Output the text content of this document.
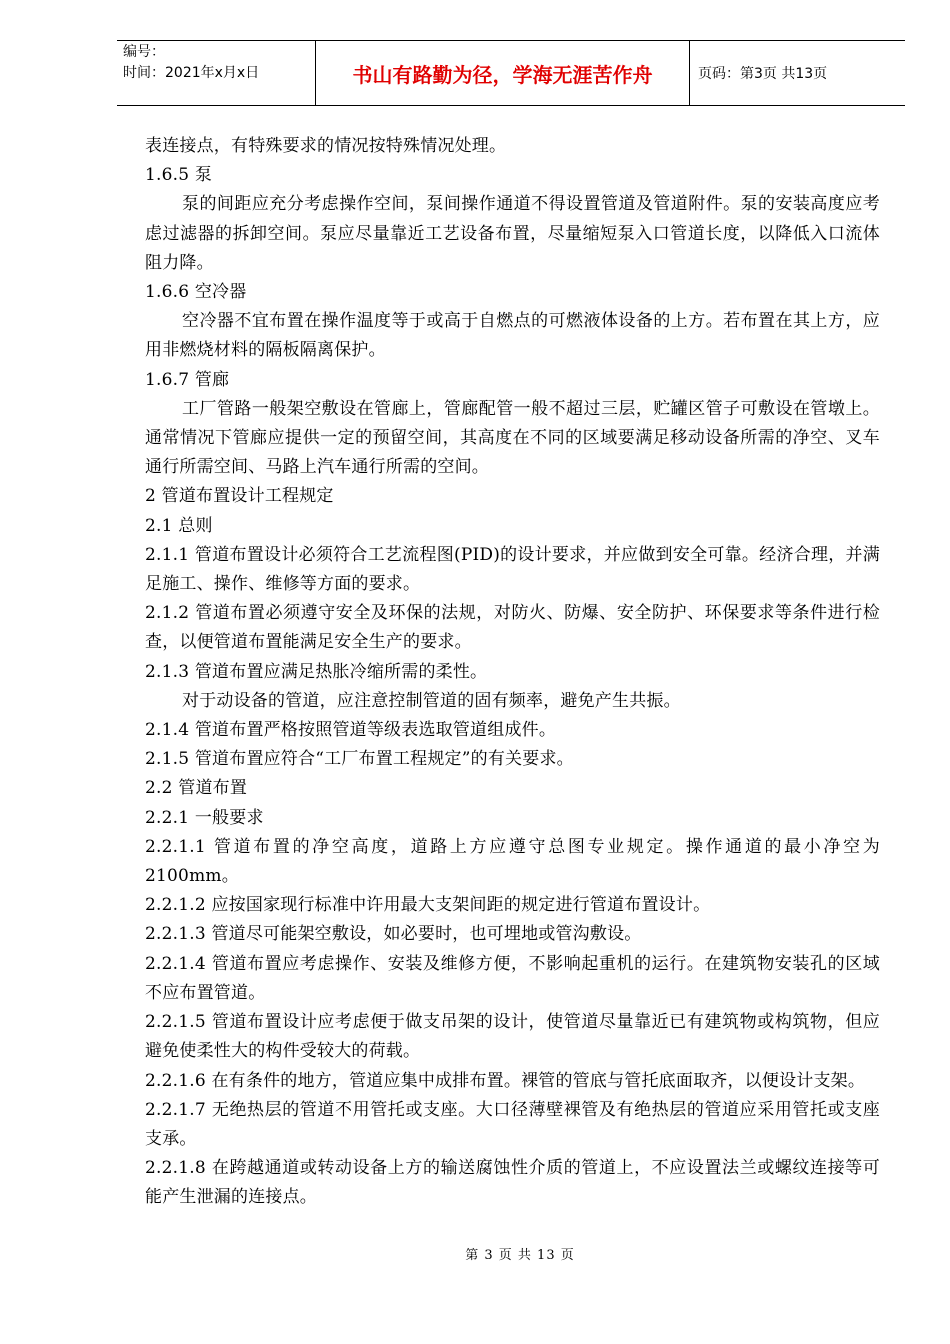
编号：
时间：2021年x月x日	书山有路勤为径，学海无涯苦作舟	页码：第3页 共13页

表连接点，有特殊要求的情况按特殊情况处理。

1.6.5 泵

泵的间距应充分考虑操作空间，泵间操作通道不得设置管道及管道附件。泵的安装高度应考虑过滤器的拆卸空间。泵应尽量靠近工艺设备布置，尽量缩短泵入口管道长度，以降低入口流体阻力降。

1.6.6 空冷器

空冷器不宜布置在操作温度等于或高于自燃点的可燃液体设备的上方。若布置在其上方，应用非燃烧材料的隔板隔离保护。

1.6.7 管廊

工厂管路一般架空敷设在管廊上，管廊配管一般不超过三层，贮罐区管子可敷设在管墩上。通常情况下管廊应提供一定的预留空间，其高度在不同的区域要满足移动设备所需的净空、叉车通行所需空间、马路上汽车通行所需的空间。

2 管道布置设计工程规定

2.1 总则

2.1.1 管道布置设计必须符合工艺流程图(PID)的设计要求，并应做到安全可靠。经济合理，并满足施工、操作、维修等方面的要求。

2.1.2 管道布置必须遵守安全及环保的法规，对防火、防爆、安全防护、环保要求等条件进行检查，以便管道布置能满足安全生产的要求。

2.1.3 管道布置应满足热胀冷缩所需的柔性。

对于动设备的管道，应注意控制管道的固有频率，避免产生共振。

2.1.4 管道布置严格按照管道等级表选取管道组成件。

2.1.5 管道布置应符合“工厂布置工程规定”的有关要求。

2.2 管道布置

2.2.1 一般要求

2.2.1.1 管道布置的净空高度，道路上方应遵守总图专业规定。操作通道的最小净空为2100mm。

2.2.1.2 应按国家现行标准中许用最大支架间距的规定进行管道布置设计。

2.2.1.3 管道尽可能架空敷设，如必要时，也可埋地或管沟敷设。

2.2.1.4 管道布置应考虑操作、安装及维修方便，不影响起重机的运行。在建筑物安装孔的区域不应布置管道。

2.2.1.5 管道布置设计应考虑便于做支吊架的设计，使管道尽量靠近已有建筑物或构筑物，但应避免使柔性大的构件受较大的荷载。

2.2.1.6 在有条件的地方，管道应集中成排布置。裸管的管底与管托底面取齐，以便设计支架。

2.2.1.7 无绝热层的管道不用管托或支座。大口径薄壁裸管及有绝热层的管道应采用管托或支座支承。

2.2.1.8 在跨越通道或转动设备上方的输送腐蚀性介质的管道上，不应设置法兰或螺纹连接等可能产生泄漏的连接点。

第 3 页 共 13 页
